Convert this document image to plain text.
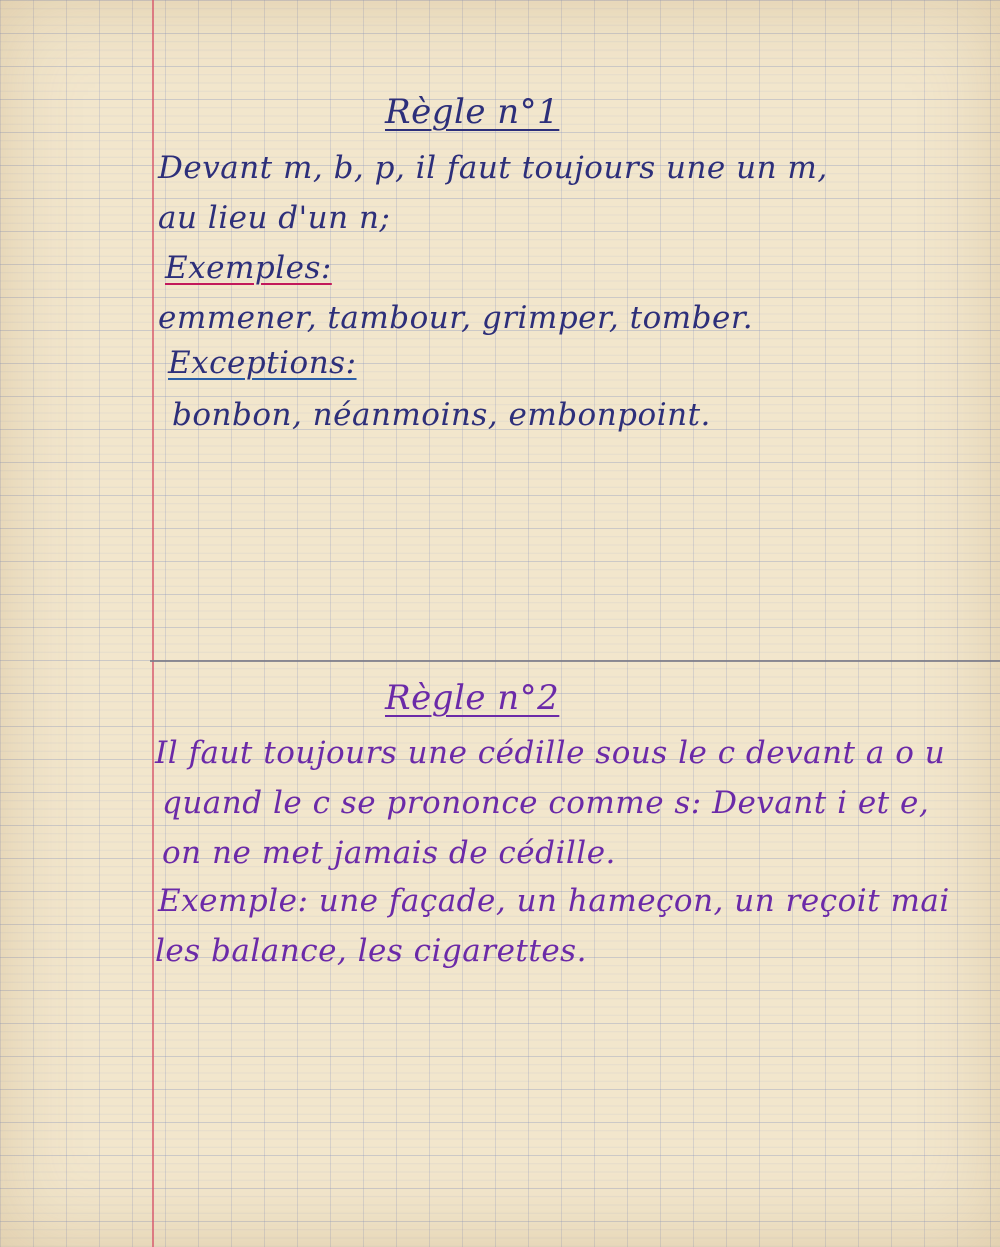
Règle n°1
Devant m, b, p, il faut toujours une un m,
au lieu d'un n;
Exemples:
emmener, tambour, grimper, tomber.
Exceptions:
bonbon, néanmoins, embonpoint.
Règle n°2
Il faut toujours une cédille sous le c devant a o u
quand le c se prononce comme s: Devant i et e,
on ne met jamais de cédille.
Exemple: une façade, un hameçon, un reçoit mai
les balance, les cigarettes.
